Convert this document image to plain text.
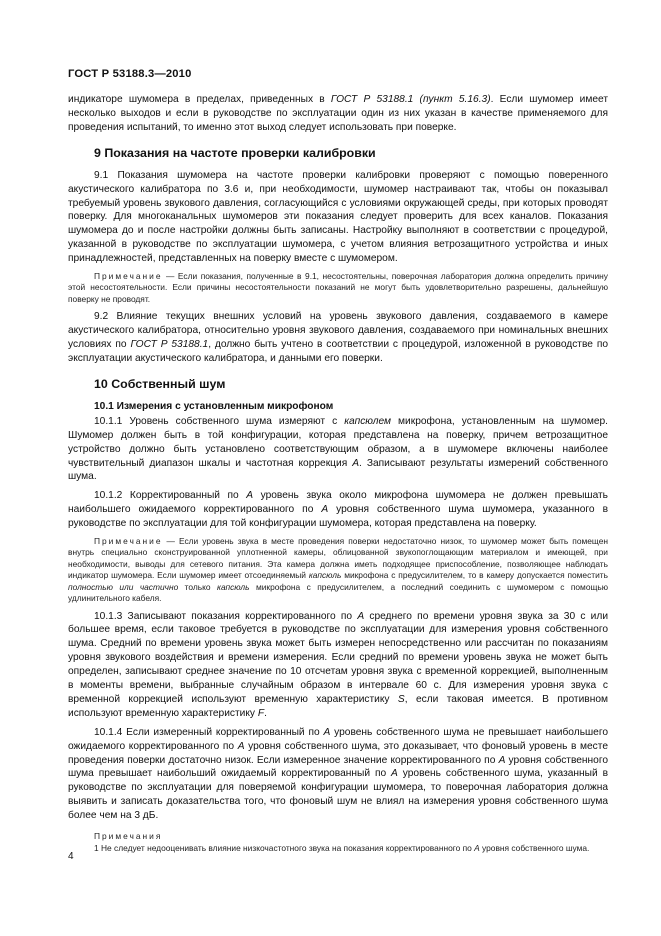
ГОСТ Р 53188.3—2010

индикаторе шумомера в пределах, приведенных в ГОСТ Р 53188.1 (пункт 5.16.3). Если шумомер имеет несколько выходов и если в руководстве по эксплуатации один из них указан в качестве применяемого для проведения испытаний, то именно этот выход следует использовать при поверке.

9 Показания на частоте проверки калибровки

9.1 Показания шумомера на частоте проверки калибровки проверяют с помощью поверенного акустического калибратора по 3.6 и, при необходимости, шумомер настраивают так, чтобы он показывал требуемый уровень звукового давления, согласующийся с условиями окружающей среды, при которых проводят поверку. Для многоканальных шумомеров эти показания следует проверить для всех каналов. Показания шумомера до и после настройки должны быть записаны. Настройку выполняют в соответствии с процедурой, указанной в руководстве по эксплуатации шумомера, с учетом влияния ветрозащитного устройства и иных принадлежностей, представленных на поверку вместе с шумомером.

Примечание — Если показания, полученные в 9.1, несостоятельны, поверочная лаборатория должна определить причину этой несостоятельности. Если причины несостоятельности показаний не могут быть удовлетворительно разрешены, дальнейшую поверку не проводят.

9.2 Влияние текущих внешних условий на уровень звукового давления, создаваемого в камере акустического калибратора, относительно уровня звукового давления, создаваемого при номинальных внешних условиях по ГОСТ Р 53188.1, должно быть учтено в соответствии с процедурой, изложенной в руководстве по эксплуатации акустического калибратора, и данными его поверки.

10 Собственный шум
10.1 Измерения с установленным микрофоном

10.1.1 Уровень собственного шума измеряют с капсюлем микрофона, установленным на шумомер. Шумомер должен быть в той конфигурации, которая представлена на поверку, причем ветрозащитное устройство должно быть установлено соответствующим образом, а в шумомере включены наиболее чувствительный диапазон шкалы и частотная коррекция A. Записывают результаты измерений собственного шума.

10.1.2 Корректированный по A уровень звука около микрофона шумомера не должен превышать наибольшего ожидаемого корректированного по A уровня собственного шума шумомера, указанного в руководстве по эксплуатации для той конфигурации шумомера, которая представлена на поверку.

Примечание — Если уровень звука в месте проведения поверки недостаточно низок, то шумомер может быть помещен внутрь специально сконструированной уплотненной камеры, облицованной звукопоглощающим материалом и имеющей, при необходимости, выводы для сетевого питания. Эта камера должна иметь подходящее приспособление, позволяющее наблюдать индикатор шумомера. Если шумомер имеет отсоединяемый капсюль микрофона с предусилителем, то в камеру допускается поместить полностью или частично только капсюль микрофона с предусилителем, а последний соединить с шумомером с помощью удлинительного кабеля.

10.1.3 Записывают показания корректированного по A среднего по времени уровня звука за 30 с или большее время, если таковое требуется в руководстве по эксплуатации для измерения уровня собственного шума. Средний по времени уровень звука может быть измерен непосредственно или рассчитан по показаниям уровня звукового воздействия и времени измерения. Если средний по времени уровень звука не может быть определен, записывают среднее значение по 10 отсчетам уровня звука с временной коррекцией, выполненным в моменты времени, выбранные случайным образом в интервале 60 с. Для измерения уровня звука с временной коррекцией используют временную характеристику S, если таковая имеется. В противном используют временную характеристику F.

10.1.4 Если измеренный корректированный по A уровень собственного шума не превышает наибольшего ожидаемого корректированного по A уровня собственного шума, это доказывает, что фоновый уровень в месте проведения поверки достаточно низок. Если измеренное значение корректированного по A уровня собственного шума превышает наибольший ожидаемый корректированный по A уровень собственного шума, указанный в руководстве по эксплуатации для поверяемой конфигурации шумомера, то поверочная лаборатория должна выявить и записать доказательства того, что фоновый шум не влиял на измерения уровня собственного шума более чем на 3 дБ.

Примечания

1 Не следует недооценивать влияние низкочастотного звука на показания корректированного по A уровня собственного шума.

4
